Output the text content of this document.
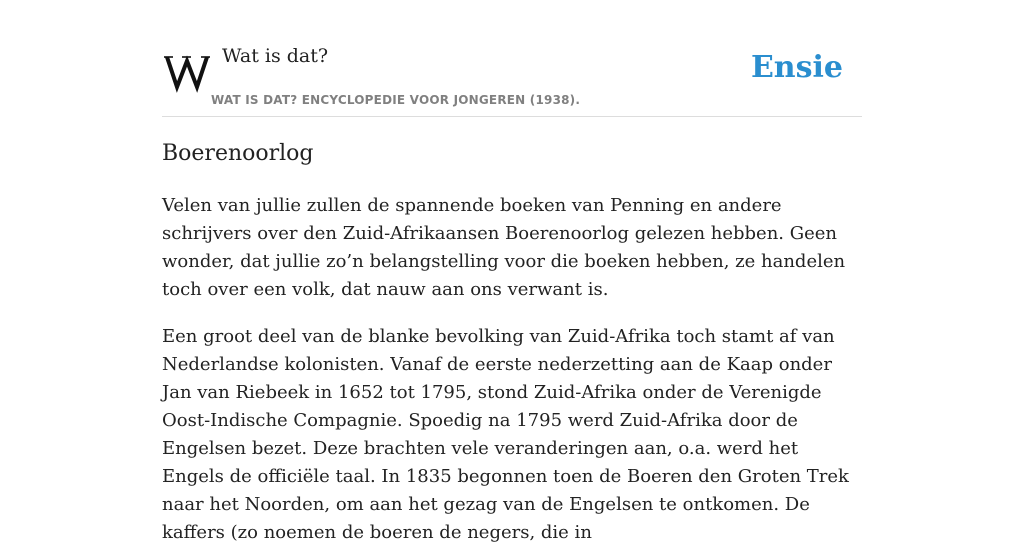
Wat is dat?
WAT IS DAT? ENCYCLOPEDIE VOOR JONGEREN (1938).
Ensie
Boerenoorlog

Velen van jullie zullen de spannende boeken van Penning en andere schrijvers over den Zuid-Afrikaansen Boerenoorlog gelezen hebben. Geen wonder, dat jullie zo’n belangstelling voor die boeken hebben, ze handelen toch over een volk, dat nauw aan ons verwant is.

Een groot deel van de blanke bevolking van Zuid-Afrika toch stamt af van Nederlandse kolonisten. Vanaf de eerste nederzetting aan de Kaap onder Jan van Riebeek in 1652 tot 1795, stond Zuid-Afrika onder de Verenigde Oost-Indische Compagnie. Spoedig na 1795 werd Zuid-Afrika door de Engelsen bezet. Deze brachten vele veranderingen aan, o.a. werd het Engels de officiële taal. In 1835 begonnen toen de Boeren den Groten Trek naar het Noorden, om aan het gezag van de Engelsen te ontkomen. De kaffers (zo noemen de boeren de negers, die in
